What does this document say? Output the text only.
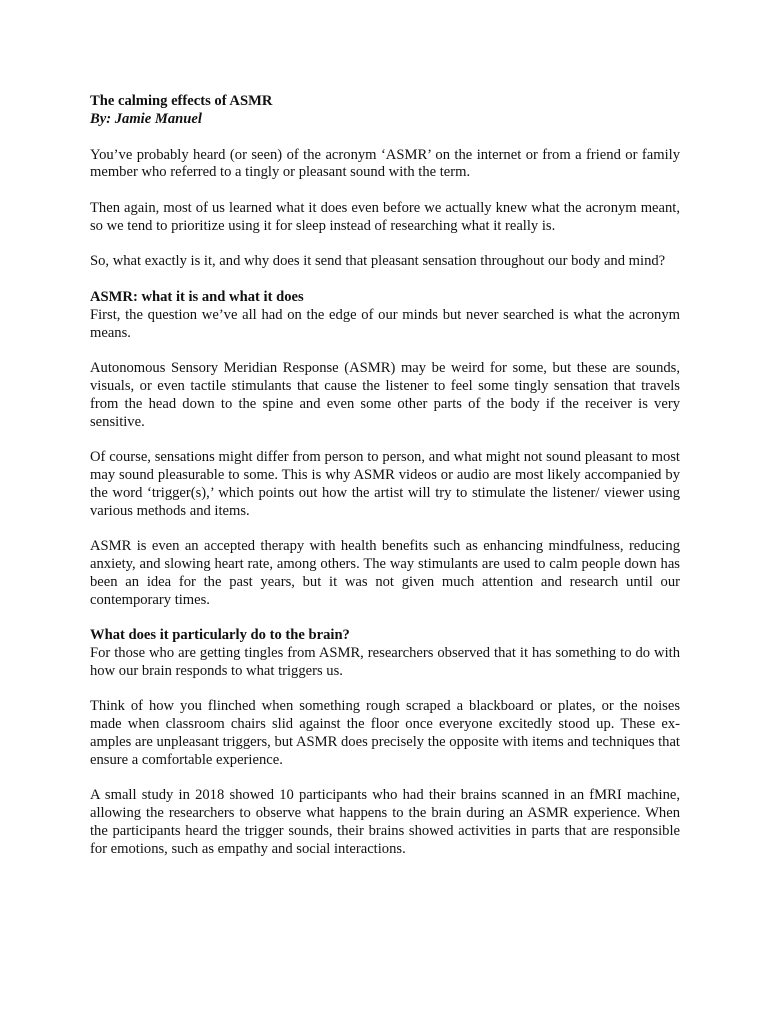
The calming effects of ASMR
By: Jamie Manuel

You’ve probably heard (or seen) of the acronym ‘ASMR’ on the internet or from a friend or family member who referred to a tingly or pleasant sound with the term.

Then again, most of us learned what it does even before we actually knew what the acronym meant, so we tend to prioritize using it for sleep instead of researching what it really is.

So, what exactly is it, and why does it send that pleasant sensation throughout our body and mind?

ASMR: what it is and what it does

First, the question we’ve all had on the edge of our minds but never searched is what the acronym means.

Autonomous Sensory Meridian Response (ASMR) may be weird for some, but these are sounds, visuals, or even tactile stimulants that cause the listener to feel some tingly sensation that travels from the head down to the spine and even some other parts of the body if the receiver is very sensitive.

Of course, sensations might differ from person to person, and what might not sound pleasant to most may sound pleasurable to some. This is why ASMR videos or audio are most likely accompanied by the word ‘trigger(s),’ which points out how the artist will try to stimulate the listener/ viewer using various methods and items.

ASMR is even an accepted therapy with health benefits such as enhancing mindfulness, reducing anxiety, and slowing heart rate, among others. The way stimulants are used to calm people down has been an idea for the past years, but it was not given much attention and research until our contemporary times.

What does it particularly do to the brain?

For those who are getting tingles from ASMR, researchers observed that it has something to do with how our brain responds to what triggers us.

Think of how you flinched when something rough scraped a blackboard or plates, or the noises made when classroom chairs slid against the floor once everyone excitedly stood up. These examples are unpleasant triggers, but ASMR does precisely the opposite with items and techniques that ensure a comfortable experience.

A small study in 2018 showed 10 participants who had their brains scanned in an fMRI machine, allowing the researchers to observe what happens to the brain during an ASMR experience. When the participants heard the trigger sounds, their brains showed activities in parts that are responsible for emotions, such as empathy and social interactions.
